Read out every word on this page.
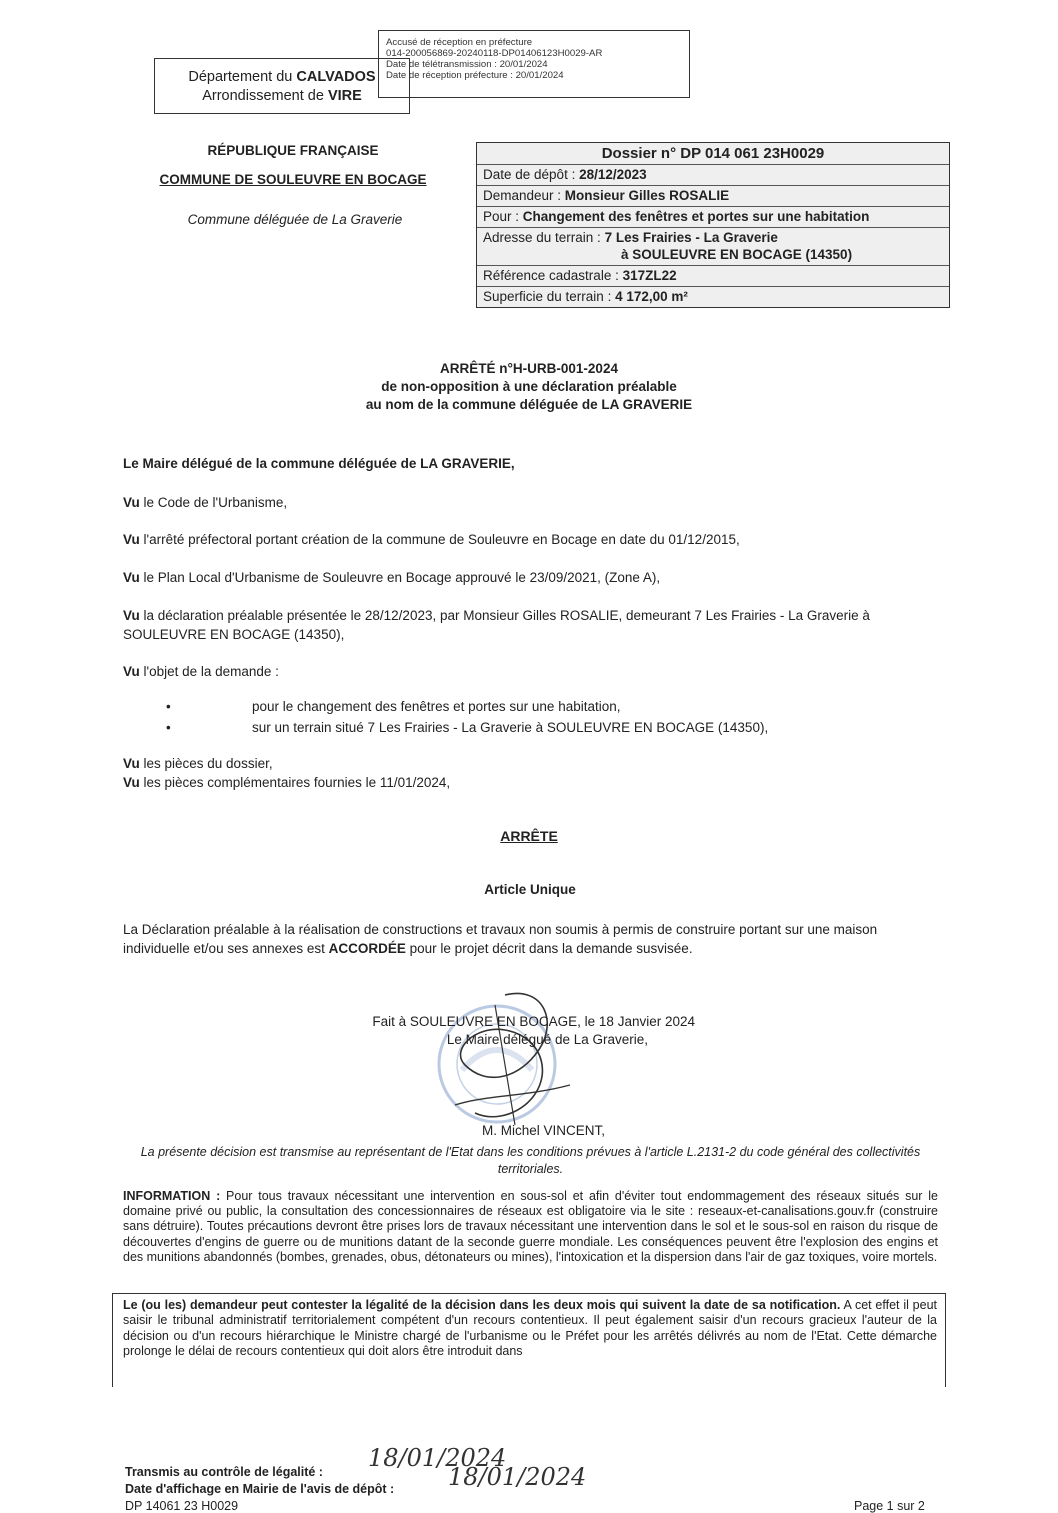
Département du CALVADOS
Arrondissement de VIRE
Accusé de réception en préfecture
014-200056869-20240118-DP01406123H0029-AR
Date de télétransmission : 20/01/2024
Date de réception préfecture : 20/01/2024
RÉPUBLIQUE FRANÇAISE
COMMUNE DE SOULEUVRE EN BOCAGE
Commune déléguée de La Graverie
Dossier n° DP 014 061 23H0029
Date de dépôt : 28/12/2023
Demandeur : Monsieur Gilles ROSALIE
Pour : Changement des fenêtres et portes sur une habitation
Adresse du terrain : 7 Les Frairies - La Graverie
à SOULEUVRE EN BOCAGE (14350)
Référence cadastrale : 317ZL22
Superficie du terrain : 4 172,00 m²
ARRÊTÉ n°H-URB-001-2024
de non-opposition à une déclaration préalable
au nom de la commune déléguée de LA GRAVERIE
Le Maire délégué de la commune déléguée de LA GRAVERIE,
Vu le Code de l'Urbanisme,
Vu l'arrêté préfectoral portant création de la commune de Souleuvre en Bocage en date du 01/12/2015,
Vu le Plan Local d'Urbanisme de Souleuvre en Bocage approuvé le 23/09/2021, (Zone A),
Vu la déclaration préalable présentée le 28/12/2023, par Monsieur Gilles ROSALIE, demeurant 7 Les Frairies - La Graverie à SOULEUVRE EN BOCAGE (14350),
Vu l'objet de la demande :
•	pour le changement des fenêtres et portes sur une habitation,
•	sur un terrain situé 7 Les Frairies - La Graverie à SOULEUVRE EN BOCAGE (14350),
Vu les pièces du dossier,
Vu les pièces complémentaires fournies le 11/01/2024,
ARRÊTE
Article Unique
La Déclaration préalable à la réalisation de constructions et travaux non soumis à permis de construire portant sur une maison individuelle et/ou ses annexes est ACCORDÉE pour le projet décrit dans la demande susvisée.
Fait à SOULEUVRE EN BOCAGE, le 18 Janvier 2024
Le Maire délégué de La Graverie,
M. Michel VINCENT,
La présente décision est transmise au représentant de l'Etat dans les conditions prévues à l'article L.2131-2 du code général des collectivités territoriales.
INFORMATION : Pour tous travaux nécessitant une intervention en sous-sol et afin d'éviter tout endommagement des réseaux situés sur le domaine privé ou public, la consultation des concessionnaires de réseaux est obligatoire via le site : reseaux-et-canalisations.gouv.fr (construire sans détruire). Toutes précautions devront être prises lors de travaux nécessitant une intervention dans le sol et le sous-sol en raison du risque de découvertes d'engins de guerre ou de munitions datant de la seconde guerre mondiale. Les conséquences peuvent être l'explosion des engins et des munitions abandonnés (bombes, grenades, obus, détonateurs ou mines), l'intoxication et la dispersion dans l'air de gaz toxiques, voire mortels.
Le (ou les) demandeur peut contester la légalité de la décision dans les deux mois qui suivent la date de sa notification. A cet effet il peut saisir le tribunal administratif territorialement compétent d'un recours contentieux. Il peut également saisir d'un recours gracieux l'auteur de la décision ou d'un recours hiérarchique le Ministre chargé de l'urbanisme ou le Préfet pour les arrêtés délivrés au nom de l'Etat. Cette démarche prolonge le délai de recours contentieux qui doit alors être introduit dans
Transmis au contrôle de légalité : 18/01/2024
Date d'affichage en Mairie de l'avis de dépôt : 18/01/2024
DP 14061 23 H0029	Page 1 sur 2
